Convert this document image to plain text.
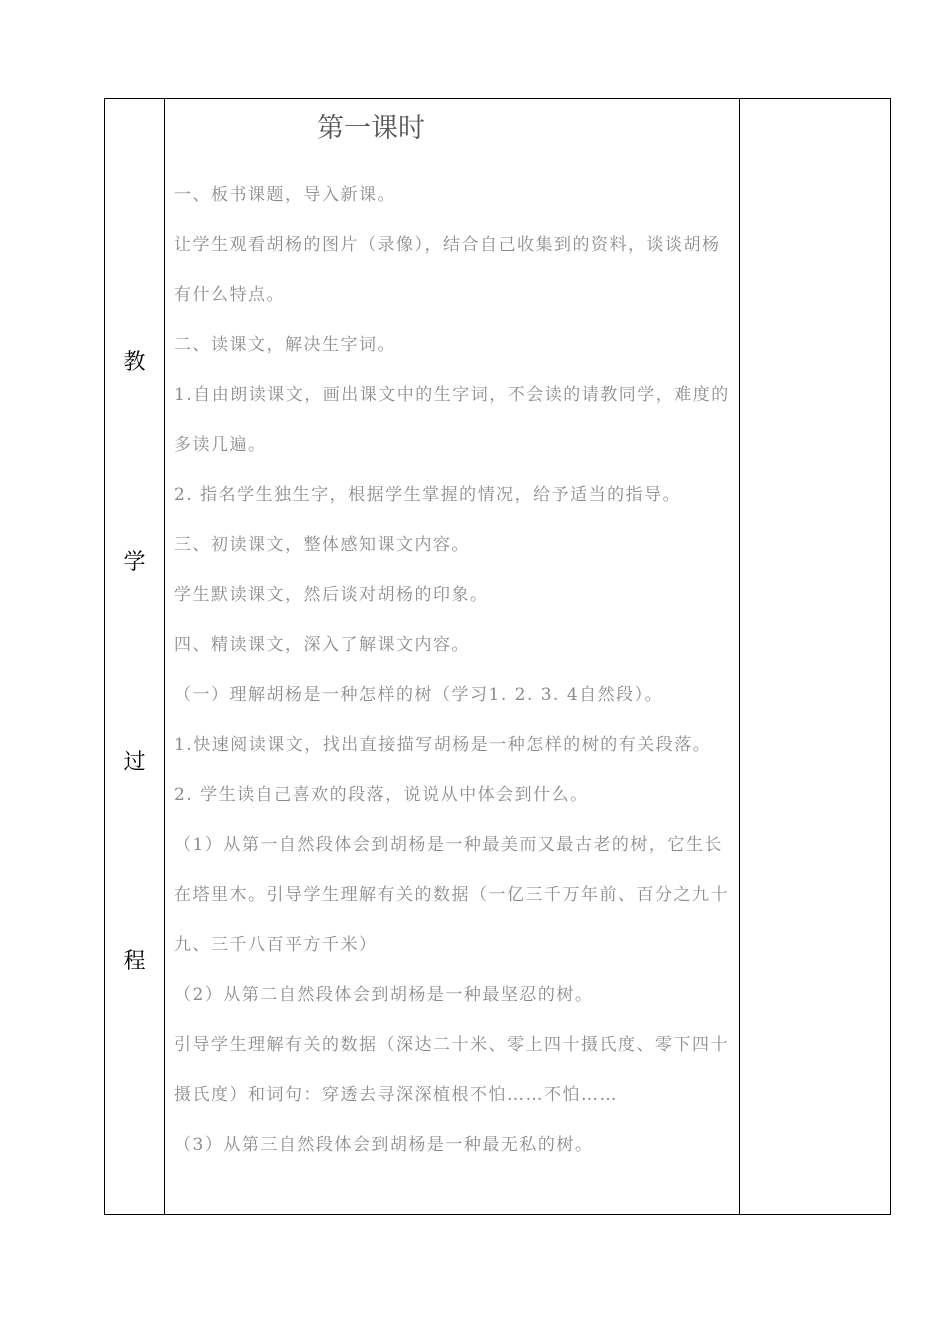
教
学
过
程
第一课时

一、板书课题，导入新课。

让学生观看胡杨的图片（录像），结合自己收集到的资料，谈谈胡杨有什么特点。

二、读课文，解决生字词。

1.自由朗读课文，画出课文中的生字词，不会读的请教同学，难度的多读几遍。

2. 指名学生独生字，根据学生掌握的情况，给予适当的指导。

三、初读课文，整体感知课文内容。

学生默读课文，然后谈对胡杨的印象。

四、精读课文，深入了解课文内容。

（一）理解胡杨是一种怎样的树（学习1. 2. 3. 4自然段）。

1.快速阅读课文，找出直接描写胡杨是一种怎样的树的有关段落。

2. 学生读自己喜欢的段落，说说从中体会到什么。

（1）从第一自然段体会到胡杨是一种最美而又最古老的树，它生长在塔里木。引导学生理解有关的数据（一亿三千万年前、百分之九十九、三千八百平方千米）

（2）从第二自然段体会到胡杨是一种最坚忍的树。

引导学生理解有关的数据（深达二十米、零上四十摄氏度、零下四十摄氏度）和词句：穿透去寻深深植根不怕……不怕……

（3）从第三自然段体会到胡杨是一种最无私的树。
